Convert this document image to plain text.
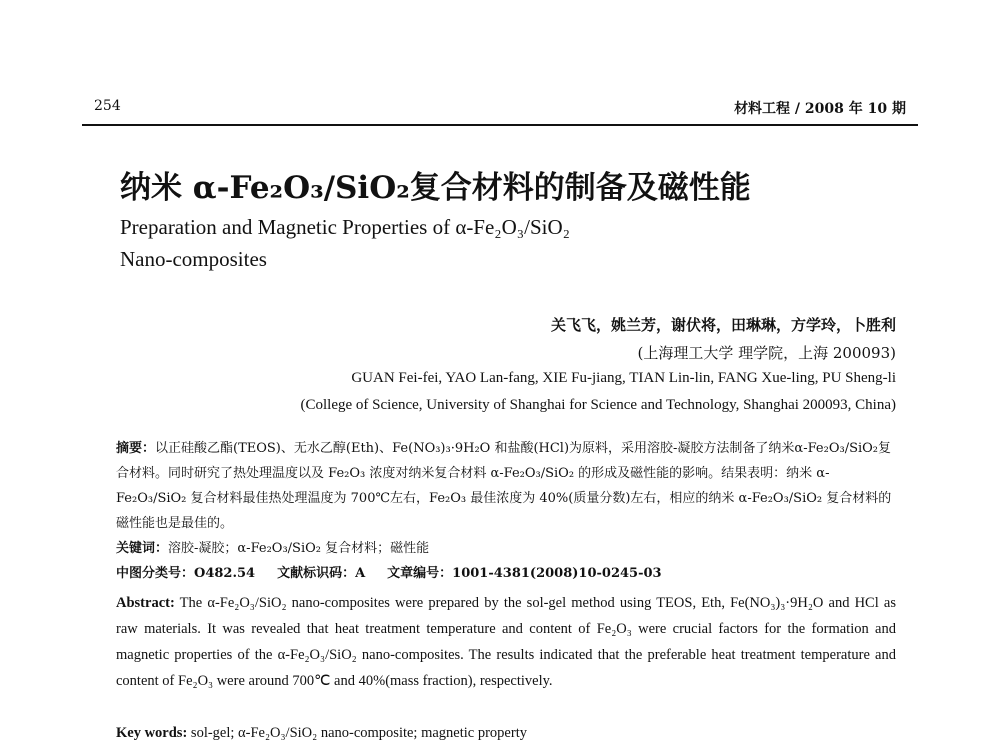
254	材料工程 / 2008 年 10 期
纳米 α-Fe₂O₃/SiO₂复合材料的制备及磁性能
Preparation and Magnetic Properties of α-Fe₂O₃/SiO₂
Nano-composites
关飞飞，姚兰芳，谢伏将，田琳琳，方学玲，卜胜利
(上海理工大学 理学院，上海 200093)
GUAN Fei-fei, YAO Lan-fang, XIE Fu-jiang, TIAN Lin-lin, FANG Xue-ling, PU Sheng-li
(College of Science, University of Shanghai for Science and Technology, Shanghai 200093, China)

摘要：以正硅酸乙酯(TEOS)、无水乙醇(Eth)、Fe(NO₃)₃·9H₂O 和盐酸(HCl)为原料，采用溶胶-凝胶方法制备了纳米α-Fe₂O₃/SiO₂复合材料。同时研究了热处理温度以及 Fe₂O₃ 浓度对纳米复合材料 α-Fe₂O₃/SiO₂ 的形成及磁性能的影响。结果表明：纳米 α-Fe₂O₃/SiO₂ 复合材料最佳热处理温度为 700℃左右，Fe₂O₃ 最佳浓度为 40%(质量分数)左右，相应的纳米 α-Fe₂O₃/SiO₂ 复合材料的磁性能也是最佳的。

关键词：溶胶-凝胶；α-Fe₂O₃/SiO₂ 复合材料；磁性能

中图分类号：O482.54 文献标识码：A 文章编号：1001-4381(2008)10-0245-03

Abstract: The α-Fe₂O₃/SiO₂ nano-composites were prepared by the sol-gel method using TEOS, Eth, Fe(NO₃)₃·9H₂O and HCl as raw materials. It was revealed that heat treatment temperature and content of Fe₂O₃ were crucial factors for the formation and magnetic properties of the α-Fe₂O₃/SiO₂ nano-composites. The results indicated that the preferable heat treatment temperature and content of Fe₂O₃ were around 700℃ and 40%(mass fraction), respectively.

Key words: sol-gel; α-Fe₂O₃/SiO₂ nano-composite; magnetic property
